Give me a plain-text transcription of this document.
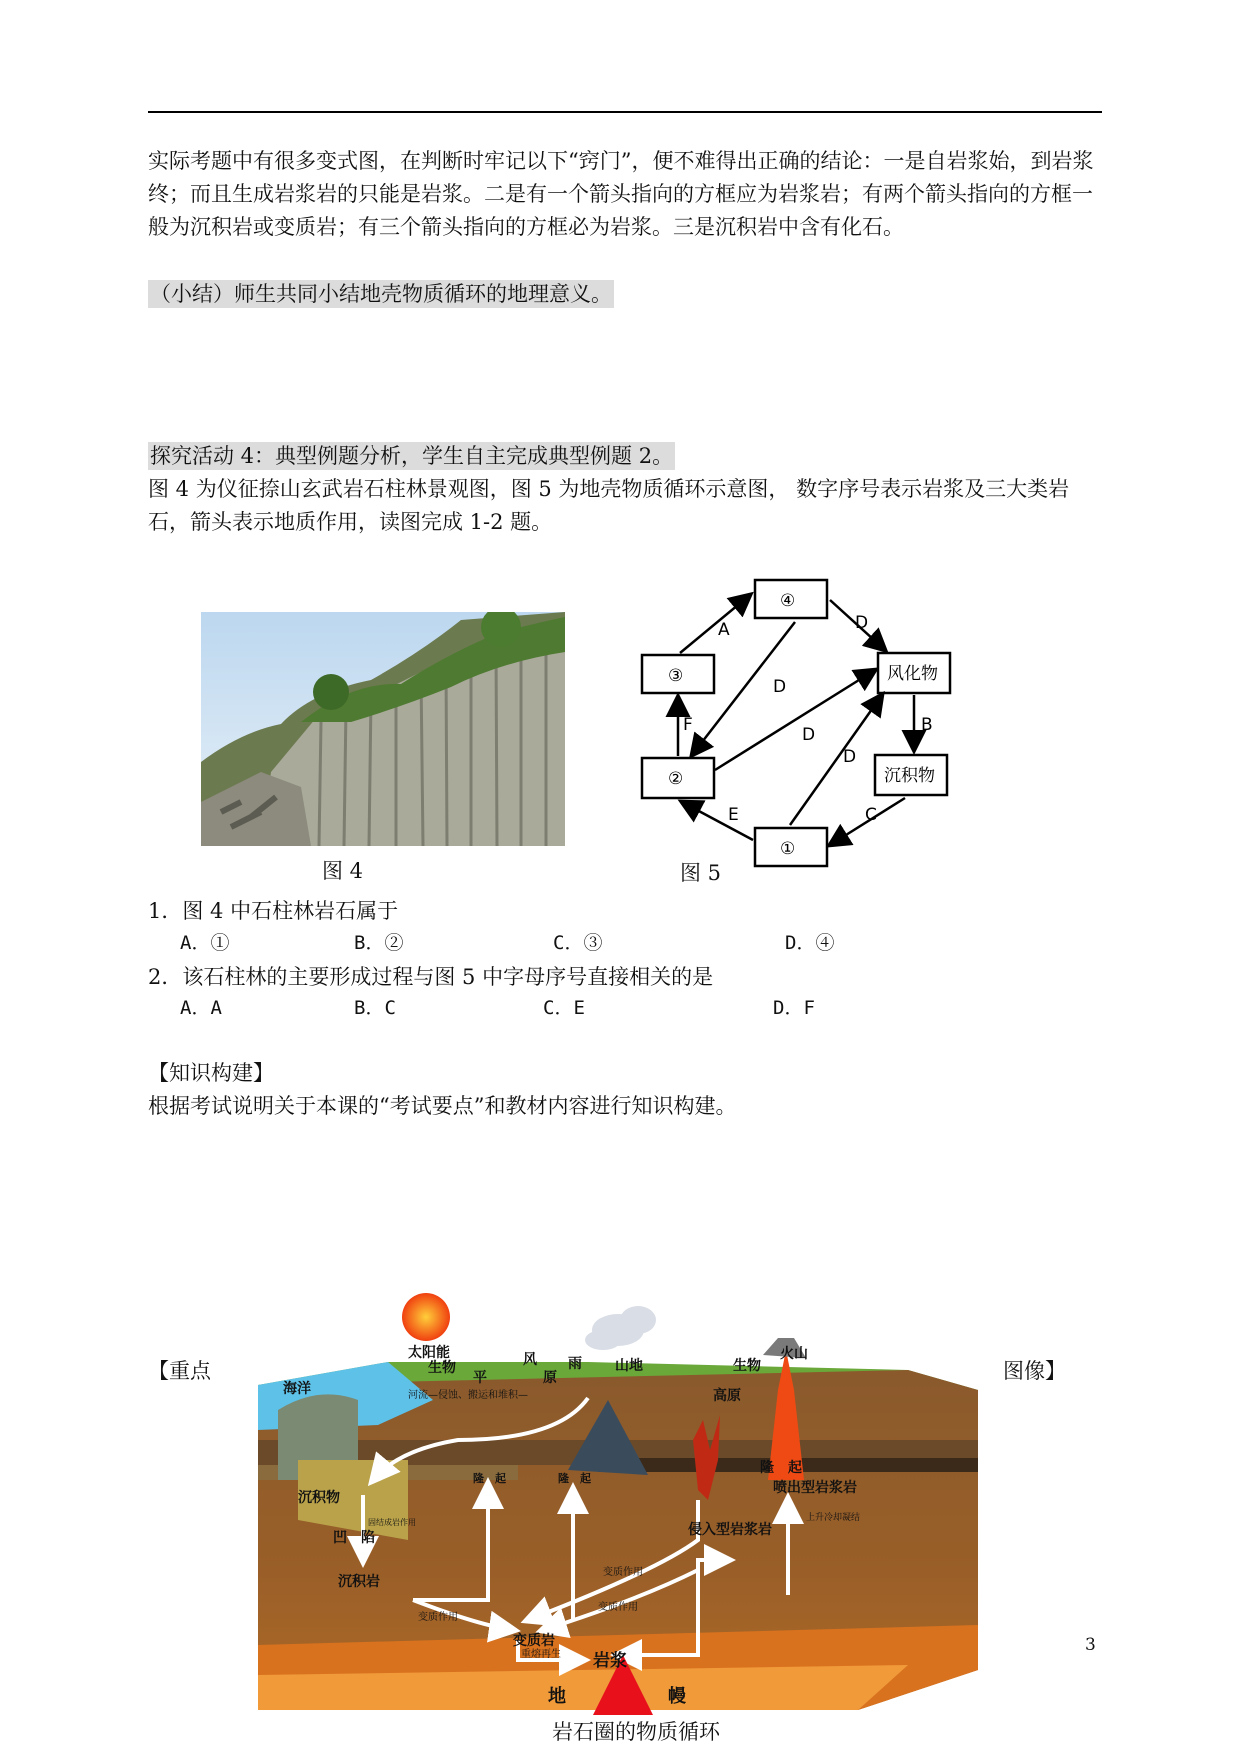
实际考题中有很多变式图，在判断时牢记以下“窍门”，便不难得出正确的结论：一是自岩浆始，到岩浆终；而且生成岩浆岩的只能是岩浆。二是有一个箭头指向的方框应为岩浆岩；有两个箭头指向的方框一般为沉积岩或变质岩；有三个箭头指向的方框必为岩浆。三是沉积岩中含有化石。

（小结）师生共同小结地壳物质循环的地理意义。

探究活动 4：典型例题分析，学生自主完成典型例题 2。

图 4 为仪征捺山玄武岩石柱林景观图，图 5 为地壳物质循环示意图， 数字序号表示岩浆及三大类岩石，箭头表示地质作用，读图完成 1-2 题。

图 4
④
③	风化物
②	沉积物
①
A	D
D
D
D
F	B
E	C
图 5
1．图 4 中石柱林岩石属于
A．①	B．②	C．③	D．④
2．该石柱林的主要形成过程与图 5 中字母序号直接相关的是
A．A	B．C	C．E	D．F
【知识构建】
根据考试说明关于本课的“考试要点”和教材内容进行知识构建。
【重点	图像】
太阳能
海洋
生物
平
风
原
雨 山地	生物
高原
火山
沉积物
凹　陷
沉积岩
隆　起	隆　起
隆　起
变质岩
侵入型岩浆岩
喷出型岩浆岩
岩浆
地	幔
河流—侵蚀、搬运和堆积—
固结成岩作用
变质作用
变质作用
变质作用
上升冷却凝结
重熔再生
岩石圈的物质循环
3
